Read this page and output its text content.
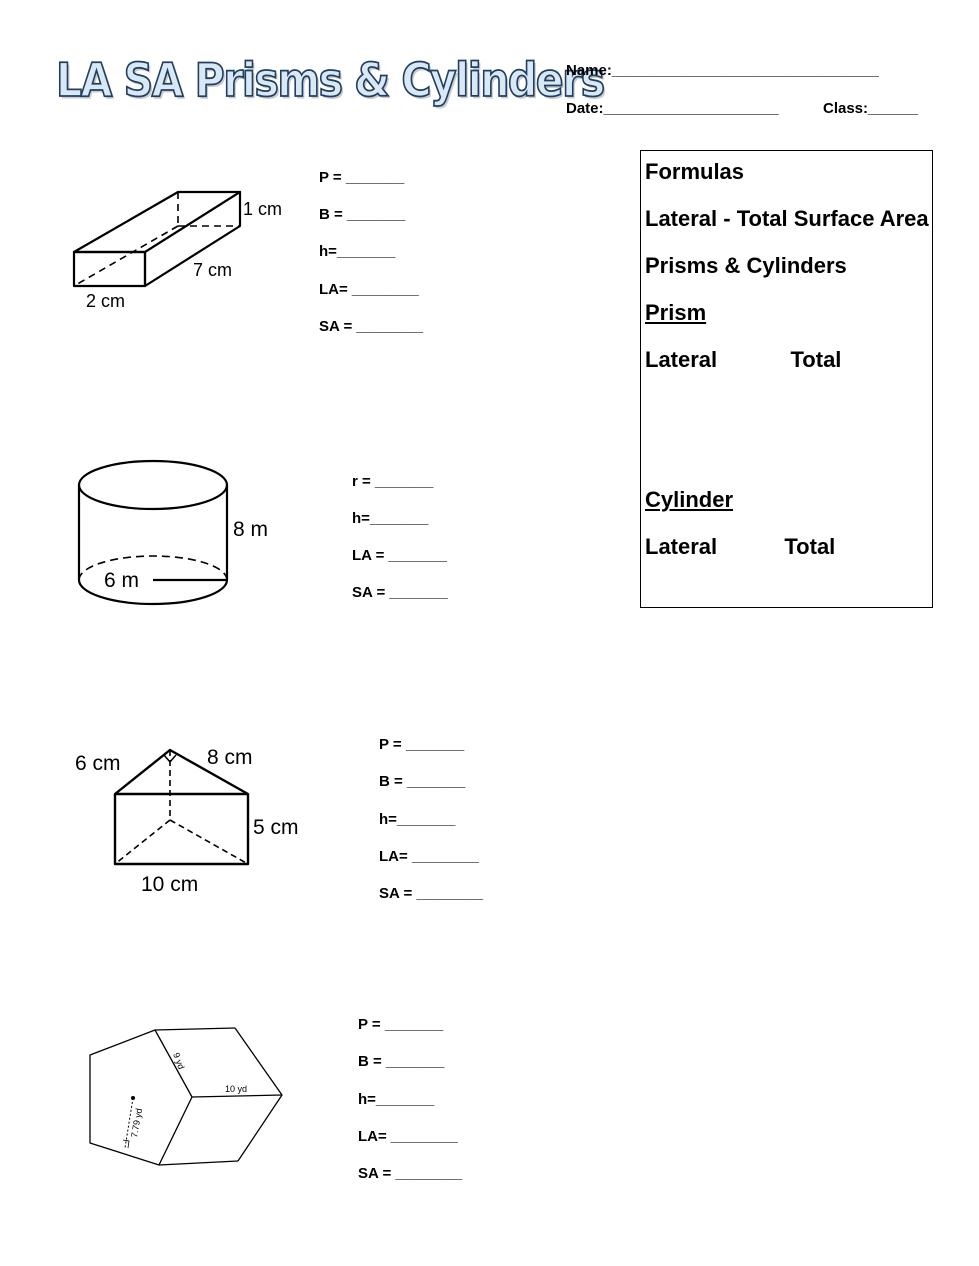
LA SA Prisms & Cylinders
Name:________________________________
Date:_____________________	Class:______
Formulas
Lateral - Total Surface Area
Prisms & Cylinders
Prism
Lateral            Total
Cylinder
Lateral           Total
1 cm
7 cm
2 cm
P = _______
B = _______
h=_______
LA= ________
SA = ________
8 m
6 m
r = _______
h=_______
LA = _______
SA = _______
6 cm	8 cm
5 cm
10 cm
P = _______
B = _______
h=_______
LA= ________
SA = ________
9 yd
10 yd
7.79 yd
P = _______
B = _______
h=_______
LA= ________
SA = ________
